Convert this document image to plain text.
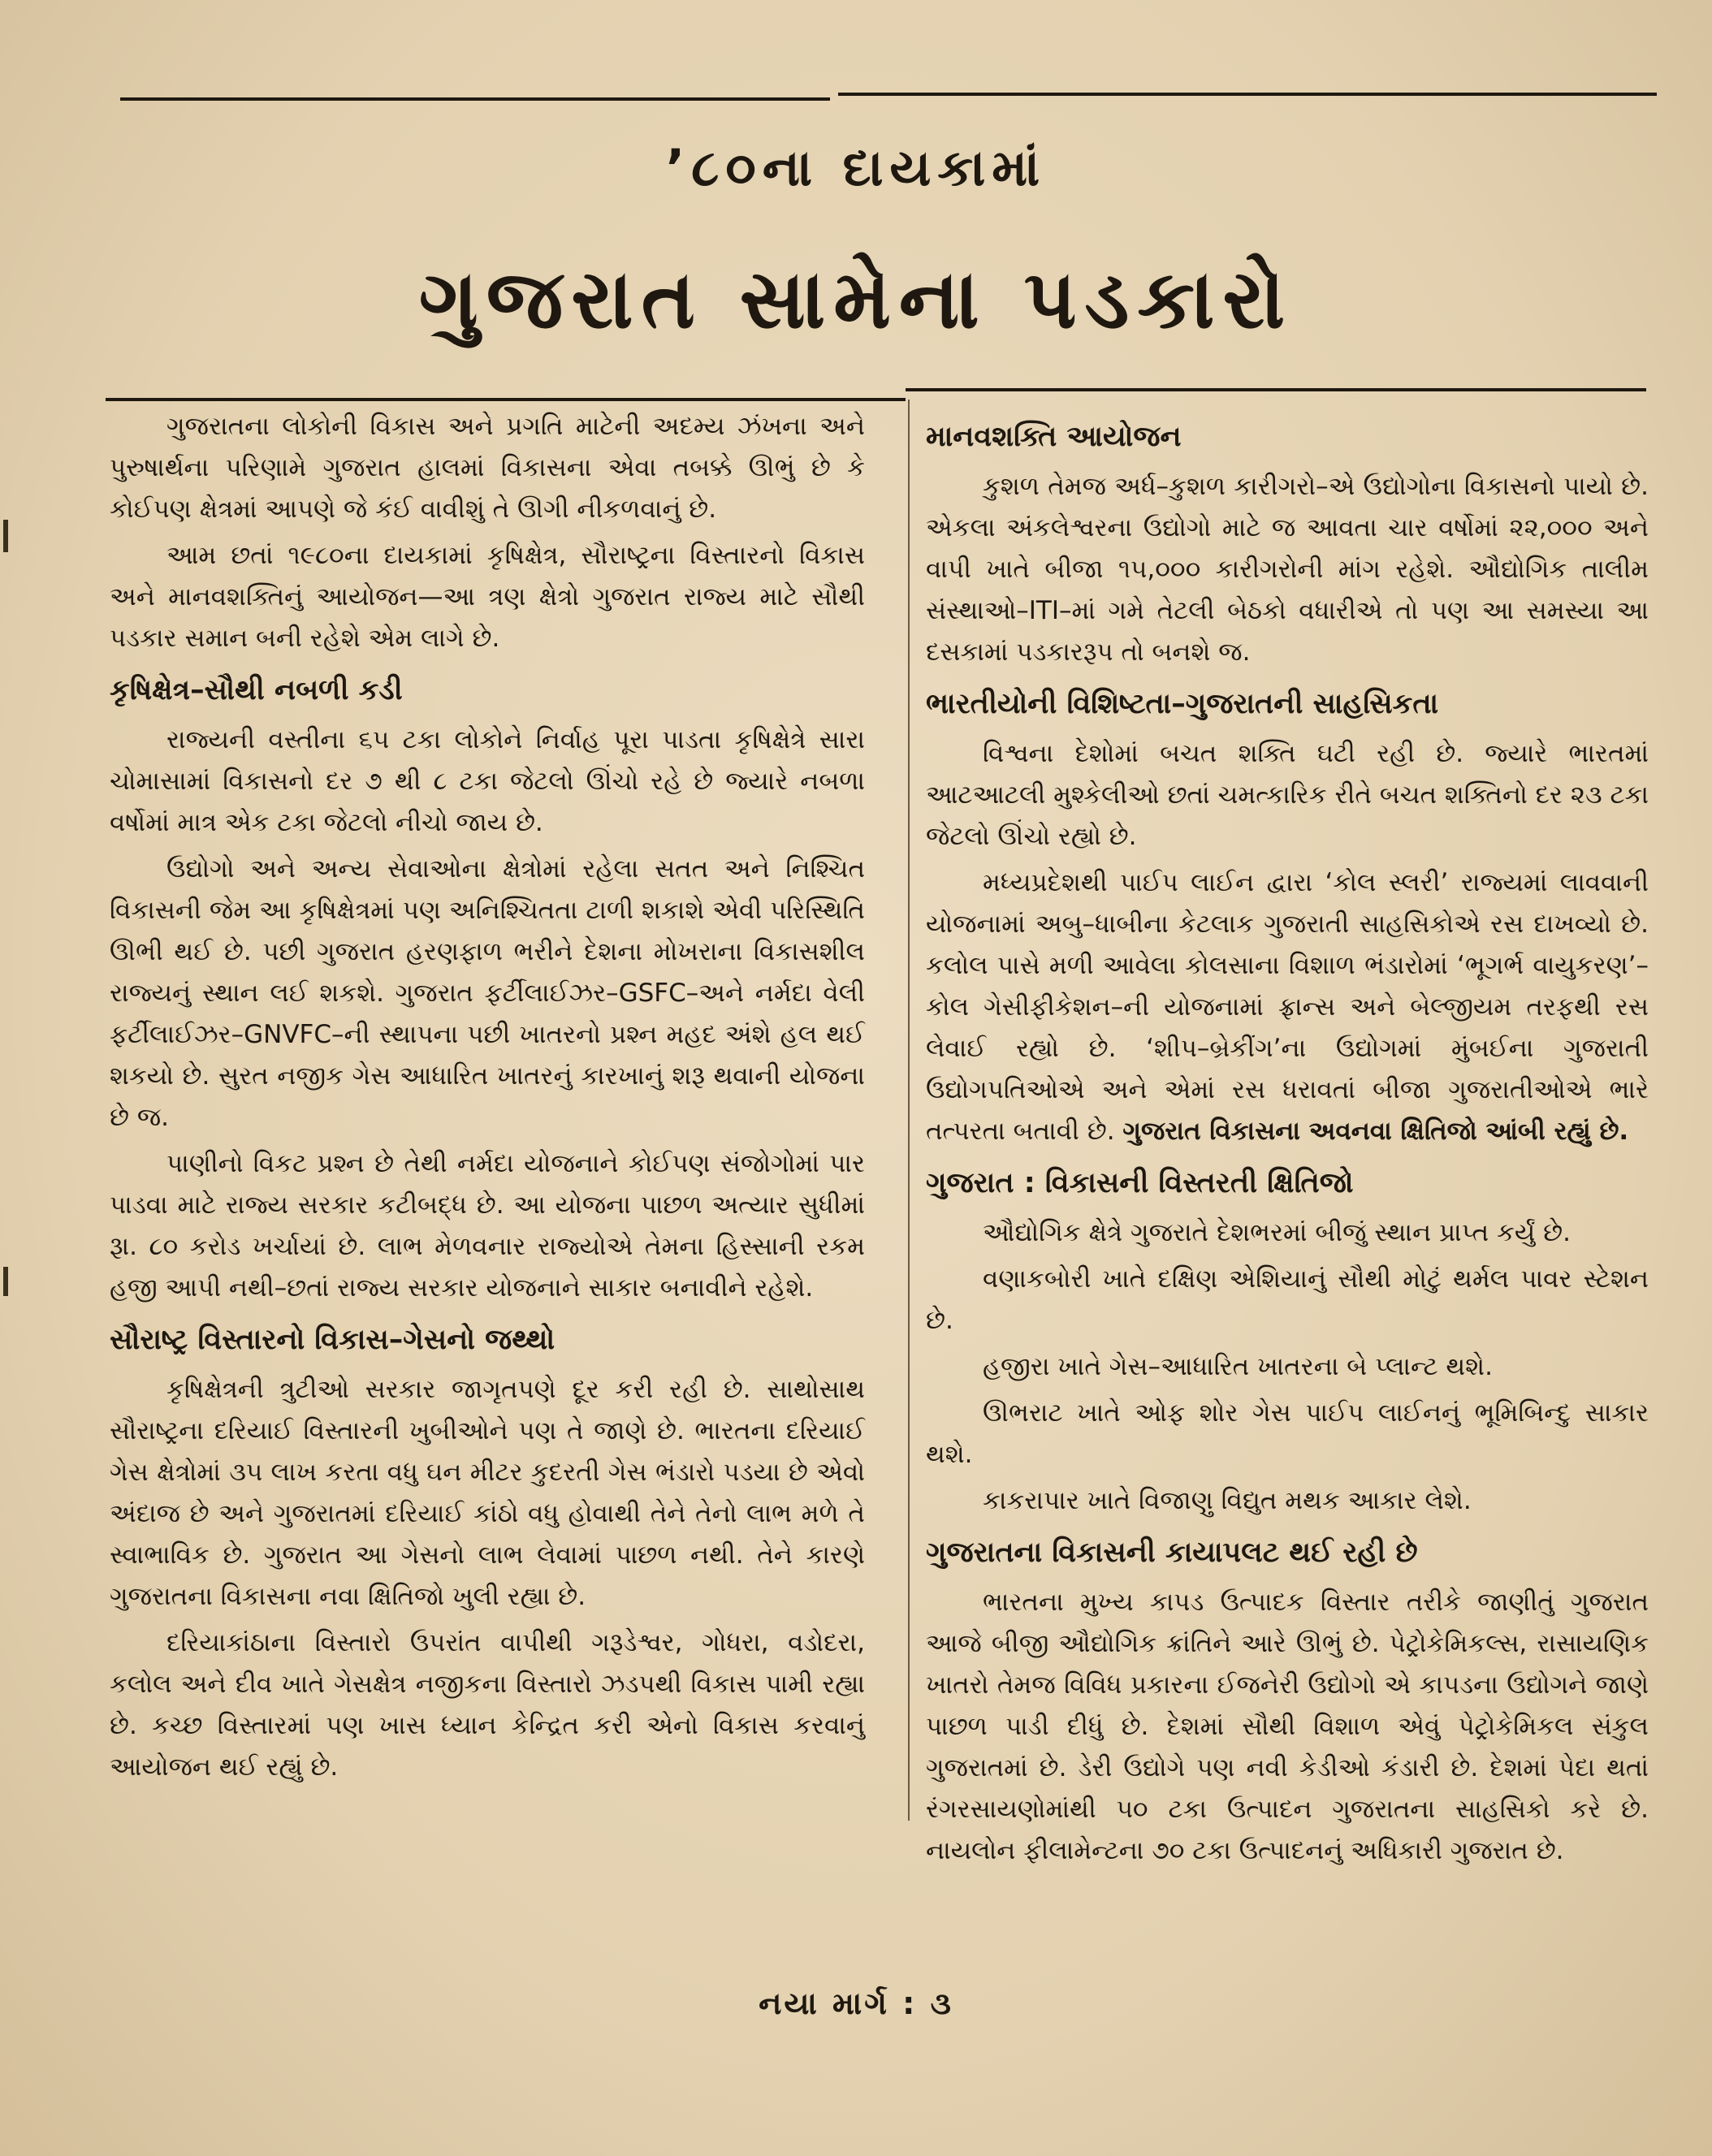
’૮૦ના દાયકામાં
ગુજરાત સામેના પડકારો

ગુજરાતના લોકોની વિકાસ અને પ્રગતિ માટેની અદમ્ય ઝંખના અને પુરુષાર્થના પરિણામે ગુજરાત હાલમાં વિકાસના એવા તબક્કે ઊભું છે કે કોઈપણ ક્ષેત્રમાં આપણે જે કંઈ વાવીશું તે ઊગી નીકળવાનું છે.

આમ છતાં ૧૯૮૦ના દાયકામાં કૃષિક્ષેત્ર, સૌરાષ્ટ્રના વિસ્તારનો વિકાસ અને માનવશક્તિનું આયોજન—આ ત્રણ ક્ષેત્રો ગુજરાત રાજ્ય માટે સૌથી પડકાર સમાન બની રહેશે એમ લાગે છે.

કૃષિક્ષેત્ર–સૌથી નબળી કડી

રાજ્યની વસ્તીના ૬૫ ટકા લોકોને નિર્વાહ પૂરા પાડતા કૃષિક્ષેત્રે સારા ચોમાસામાં વિકાસનો દર ૭ થી ૮ ટકા જેટલો ઊંચો રહે છે જ્યારે નબળા વર્ષોમાં માત્ર એક ટકા જેટલો નીચો જાય છે.

ઉદ્યોગો અને અન્ય સેવાઓના ક્ષેત્રોમાં રહેલા સતત અને નિશ્ચિત વિકાસની જેમ આ કૃષિક્ષેત્રમાં પણ અનિશ્ચિતતા ટાળી શકાશે એવી પરિસ્થિતિ ઊભી થઈ છે. પછી ગુજરાત હરણફાળ ભરીને દેશના મોખરાના વિકાસશીલ રાજ્યનું સ્થાન લઈ શકશે. ગુજરાત ફર્ટીલાઈઝર–GSFC–અને નર્મદા વેલી ફર્ટીલાઈઝર–GNVFC–ની સ્થાપના પછી ખાતરનો પ્રશ્ન મહદ અંશે હલ થઈ શકયો છે. સુરત નજીક ગેસ આધારિત ખાતરનું કારખાનું શરૂ થવાની યોજના છે જ.

પાણીનો વિકટ પ્રશ્ન છે તેથી નર્મદા યોજનાને કોઈપણ સંજોગોમાં પાર પાડવા માટે રાજ્ય સરકાર કટીબદ્ધ છે. આ યોજના પાછળ અત્યાર સુધીમાં રૂા. ૮૦ કરોડ ખર્ચાયાં છે. લાભ મેળવનાર રાજ્યોએ તેમના હિસ્સાની રકમ હજી આપી નથી–છતાં રાજ્ય સરકાર યોજનાને સાકાર બનાવીને રહેશે.

સૌરાષ્ટ્ર વિસ્તારનો વિકાસ–ગેસનો જથ્થો

કૃષિક્ષેત્રની ત્રુટીઓ સરકાર જાગૃતપણે દૂર કરી રહી છે. સાથોસાથ સૌરાષ્ટ્રના દરિયાઈ વિસ્તારની ખુબીઓને પણ તે જાણે છે. ભારતના દરિયાઈ ગેસ ક્ષેત્રોમાં ૩૫ લાખ કરતા વધુ ઘન મીટર કુદરતી ગેસ ભંડારો પડયા છે એવો અંદાજ છે અને ગુજરાતમાં દરિયાઈ કાંઠો વધુ હોવાથી તેને તેનો લાભ મળે તે સ્વાભાવિક છે. ગુજરાત આ ગેસનો લાભ લેવામાં પાછળ નથી. તેને કારણે ગુજરાતના વિકાસના નવા ક્ષિતિજો ખુલી રહ્યા છે.

દરિયાકાંઠાના વિસ્તારો ઉપરાંત વાપીથી ગરૂડેશ્વર, ગોધરા, વડોદરા, કલોલ અને દીવ ખાતે ગેસક્ષેત્ર નજીકના વિસ્તારો ઝડપથી વિકાસ પામી રહ્યા છે. કચ્છ વિસ્તારમાં પણ ખાસ ધ્યાન કેન્દ્રિત કરી એનો વિકાસ કરવાનું આયોજન થઈ રહ્યું છે.

માનવશક્તિ આયોજન

કુશળ તેમજ અર્ધ–કુશળ કારીગરો–એ ઉદ્યોગોના વિકાસનો પાયો છે. એકલા અંકલેશ્વરના ઉદ્યોગો માટે જ આવતા ચાર વર્ષોમાં ૨૨,૦૦૦ અને વાપી ખાતે બીજા ૧૫,૦૦૦ કારીગરોની માંગ રહેશે. ઔદ્યોગિક તાલીમ સંસ્થાઓ–ITI–માં ગમે તેટલી બેઠકો વધારીએ તો પણ આ સમસ્યા આ દસકામાં પડકારરૂપ તો બનશે જ.

ભારતીયોની વિશિષ્ટતા–ગુજરાતની સાહસિકતા

વિશ્વના દેશોમાં બચત શક્તિ ઘટી રહી છે. જ્યારે ભારતમાં આટઆટલી મુશ્કેલીઓ છતાં ચમત્કારિક રીતે બચત શક્તિનો દર ૨૩ ટકા જેટલો ઊંચો રહ્યો છે.

મધ્યપ્રદેશથી પાઈપ લાઈન દ્વારા ‘કોલ સ્લરી’ રાજ્યમાં લાવવાની યોજનામાં અબુ–ધાબીના કેટલાક ગુજરાતી સાહસિકોએ રસ દાખવ્યો છે. કલોલ પાસે મળી આવેલા કોલસાના વિશાળ ભંડારોમાં ‘ભૂગર્ભ વાયુકરણ’–કોલ ગેસીફીકેશન–ની યોજનામાં ફ્રાન્સ અને બેલ્જીયમ તરફથી રસ લેવાઈ રહ્યો છે. ‘શીપ–બ્રેકીંગ’ના ઉદ્યોગમાં મુંબઈના ગુજરાતી ઉદ્યોગપતિઓએ અને એમાં રસ ધરાવતાં બીજા ગુજરાતીઓએ ભારે તત્પરતા બતાવી છે. ગુજરાત વિકાસના અવનવા ક્ષિતિજો આંબી રહ્યું છે.

ગુજરાત : વિકાસની વિસ્તરતી ક્ષિતિજો

ઔદ્યોગિક ક્ષેત્રે ગુજરાતે દેશભરમાં બીજું સ્થાન પ્રાપ્ત કર્યું છે.

વણાકબોરી ખાતે દક્ષિણ એશિયાનું સૌથી મોટું થર્મલ પાવર સ્ટેશન છે.

હજીરા ખાતે ગેસ–આધારિત ખાતરના બે પ્લાન્ટ થશે.

ઊભરાટ ખાતે ઓફ શોર ગેસ પાઈપ લાઈનનું ભૂમિબિન્દુ સાકાર થશે.

કાકરાપાર ખાતે વિજાણુ વિદ્યુત મથક આકાર લેશે.

ગુજરાતના વિકાસની કાયાપલટ થઈ રહી છે

ભારતના મુખ્ય કાપડ ઉત્પાદક વિસ્તાર તરીકે જાણીતું ગુજરાત આજે બીજી ઔદ્યોગિક ક્રાંતિને આરે ઊભું છે. પેટ્રોકેમિકલ્સ, રાસાયણિક ખાતરો તેમજ વિવિધ પ્રકારના ઈજનેરી ઉદ્યોગો એ કાપડના ઉદ્યોગને જાણે પાછળ પાડી દીધું છે. દેશમાં સૌથી વિશાળ એવું પેટ્રોકેમિકલ સંકુલ ગુજરાતમાં છે. ડેરી ઉદ્યોગે પણ નવી કેડીઓ કંડારી છે. દેશમાં પેદા થતાં રંગરસાયણોમાંથી ૫૦ ટકા ઉત્પાદન ગુજરાતના સાહસિકો કરે છે. નાયલોન ફીલામેન્ટના ૭૦ ટકા ઉત્પાદનનું અધિકારી ગુજરાત છે.

નયા માર્ગ : ૩
